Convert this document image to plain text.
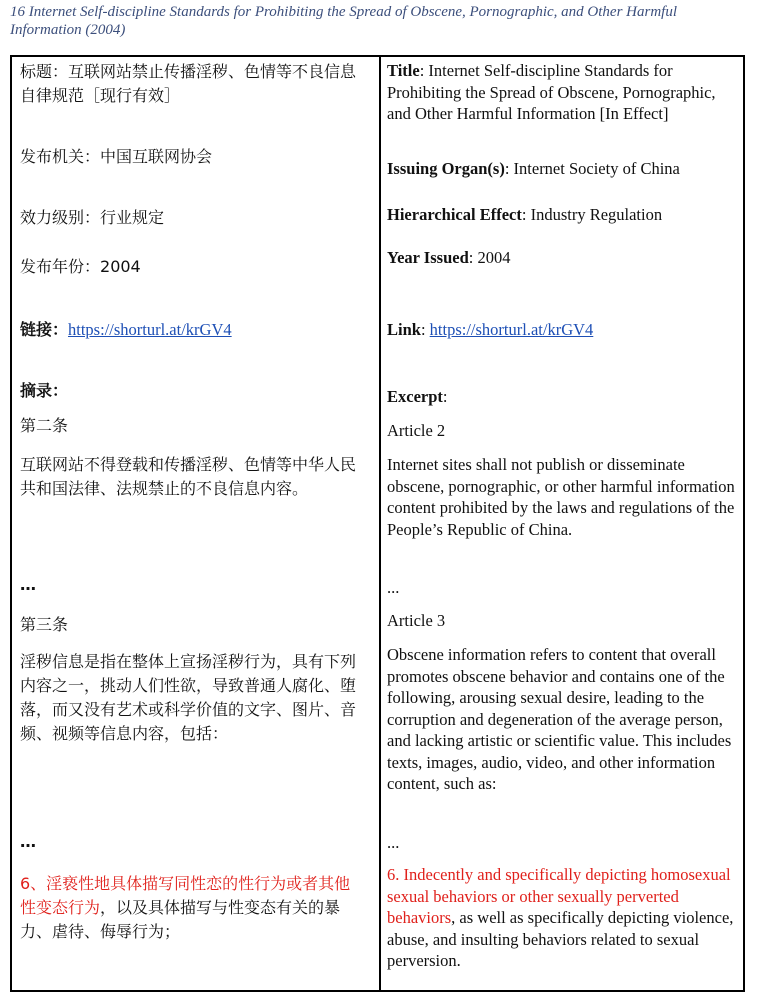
16 Internet Self-discipline Standards for Prohibiting the Spread of Obscene, Pornographic, and Other Harmful Information (2004)
标题：互联网站禁止传播淫秽、色情等不良信息自律规范［现行有效］
发布机关：中国互联网协会
效力级别：行业规定
发布年份：2004
链接：https://shorturl.at/krGV4
摘录：
第二条
互联网站不得登载和传播淫秽、色情等中华人民共和国法律、法规禁止的不良信息内容。
…
第三条
淫秽信息是指在整体上宣扬淫秽行为，具有下列内容之一，挑动人们性欲，导致普通人腐化、堕落，而又没有艺术或科学价值的文字、图片、音频、视频等信息内容，包括：
…
6、淫亵性地具体描写同性恋的性行为或者其他性变态行为，以及具体描写与性变态有关的暴力、虐待、侮辱行为；
Title: Internet Self-discipline Standards for Prohibiting the Spread of Obscene, Pornographic, and Other Harmful Information [In Effect]
Issuing Organ(s): Internet Society of China
Hierarchical Effect: Industry Regulation
Year Issued: 2004
Link: https://shorturl.at/krGV4
Excerpt:
Article 2
Internet sites shall not publish or disseminate obscene, pornographic, or other harmful information content prohibited by the laws and regulations of the People’s Republic of China.
...
Article 3
Obscene information refers to content that overall promotes obscene behavior and contains one of the following, arousing sexual desire, leading to the corruption and degeneration of the average person, and lacking artistic or scientific value. This includes texts, images, audio, video, and other information content, such as:
...
6. Indecently and specifically depicting homosexual sexual behaviors or other sexually perverted behaviors, as well as specifically depicting violence, abuse, and insulting behaviors related to sexual perversion.
